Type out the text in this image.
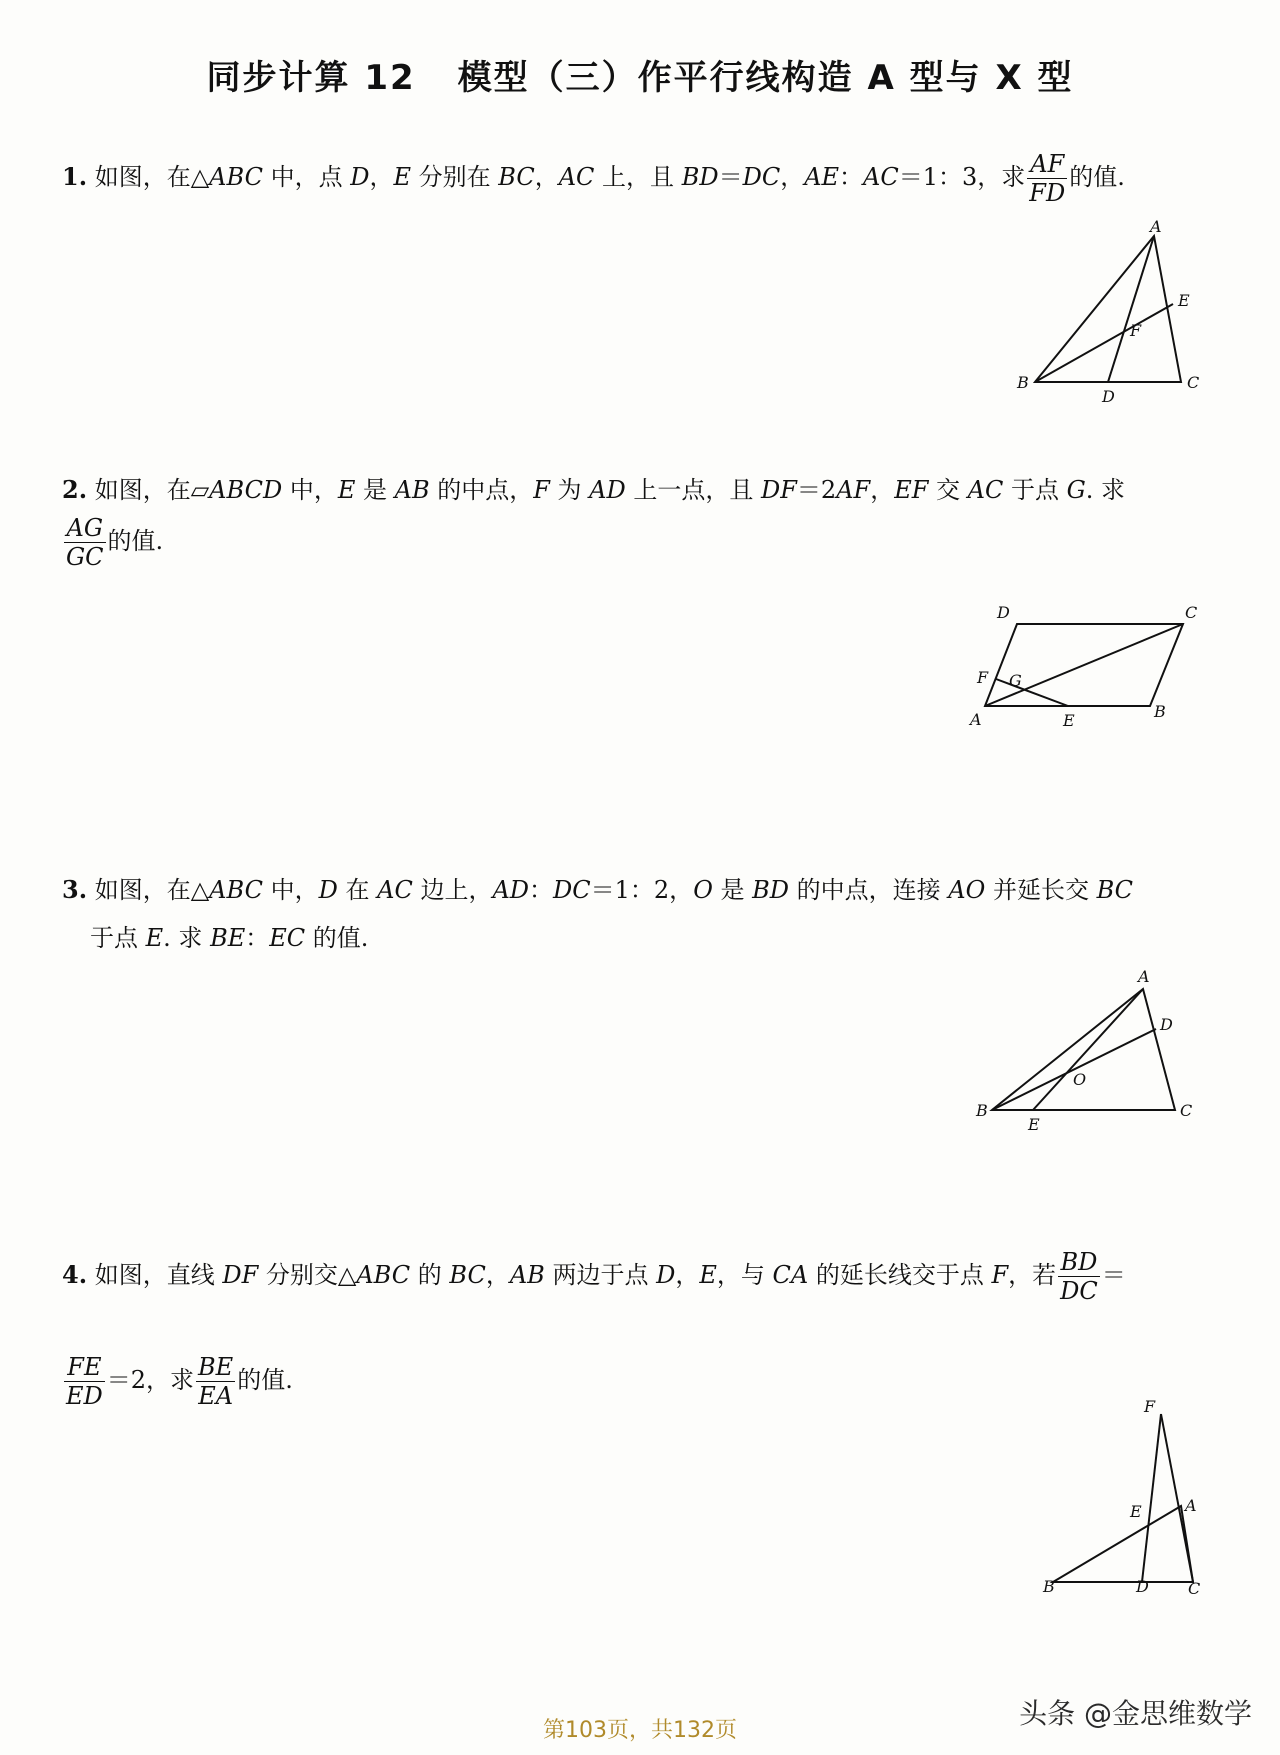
同步计算 12 模型（三）作平行线构造 A 型与 X 型
1. 如图，在△ABC 中，点 D，E 分别在 BC，AC 上，且 BD＝DC，AE：AC＝1：3，求 $\frac{AF}{FD}$ 的值.
A
B	C
D
E
F
2. 如图，在▱ABCD 中，E 是 AB 的中点，F 为 AD 上一点，且 DF＝2AF，EF 交 AC 于点 G. 求

$\frac{AG}{GC}$ 的值.
A	B
C
D
E
F G
3. 如图，在△ABC 中，D 在 AC 边上，AD：DC＝1：2，O 是 BD 的中点，连接 AO 并延长交 BC
于点 E. 求 BE：EC 的值.
A
B	C
D
E
O
4. 如图，直线 DF 分别交△ABC 的 BC，AB 两边于点 D，E，与 CA 的延长线交于点 F，若 $\frac{BD}{DC}$ ＝

$\frac{FE}{ED} =2$，求 $\frac{BE}{EA}$ 的值.
F
A
E
B	D C
头条 @金思维数学
第103页，共132页
